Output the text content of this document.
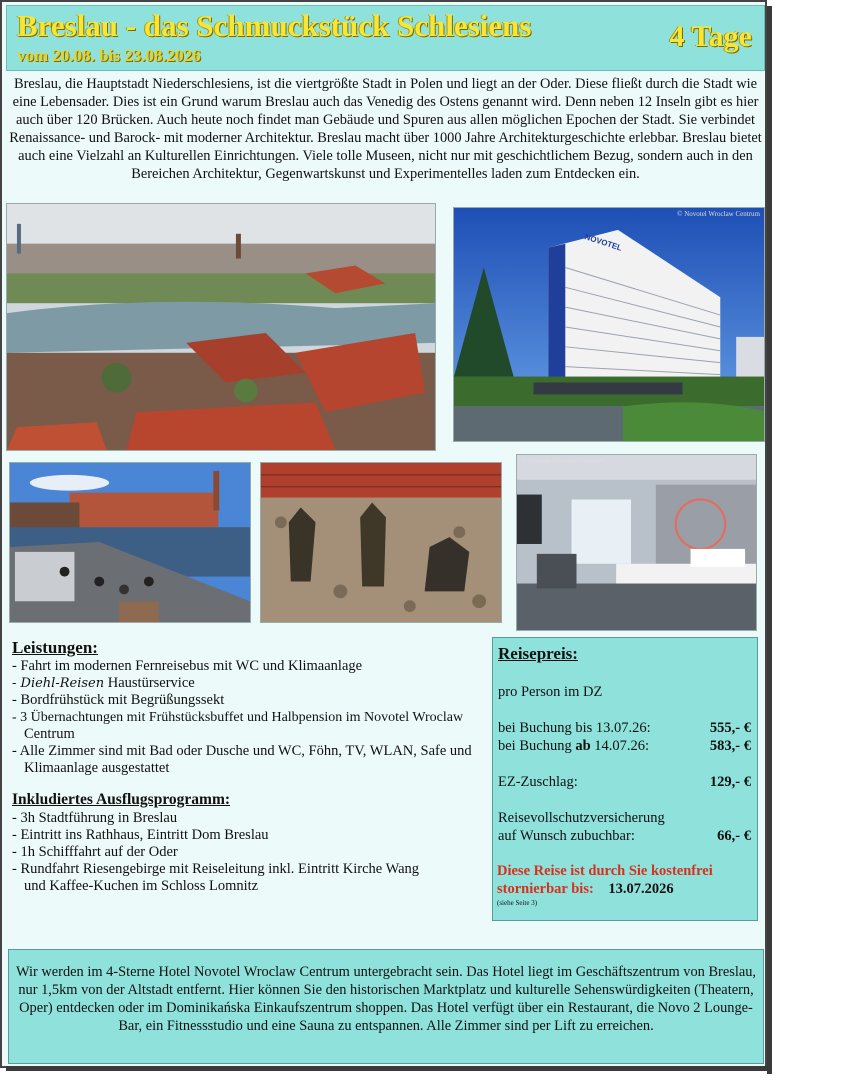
Breslau - das Schmuckstück Schlesiens
vom 20.08. bis 23.08.2026
4 Tage
Breslau, die Hauptstadt Niederschlesiens, ist die viertgrößte Stadt in Polen und liegt an der Oder. Diese fließt durch die Stadt wie eine Lebensader. Dies ist ein Grund warum Breslau auch das Venedig des Ostens genannt wird. Denn neben 12 Inseln gibt es hier auch über 120 Brücken. Auch heute noch findet man Gebäude und Spuren aus allen möglichen Epochen der Stadt. Sie verbindet Renaissance- und Barock- mit moderner Architektur. Breslau macht über 1000 Jahre Architekturgeschichte erlebbar. Breslau bietet auch eine Vielzahl an Kulturellen Einrichtungen. Viele tolle Museen, nicht nur mit geschichtlichem Bezug, sondern auch in den Bereichen Architektur, Gegenwartskunst und Experimentelles laden zum Entdecken ein.
© Novotel Wroclaw Centrum
NOVOTEL
© Novotel Wroclaw Centrum
Leistungen:
- Fahrt im modernen Fernreisebus mit WC und Klimaanlage
- Diehl-Reisen Haustürservice
- Bordfrühstück mit Begrüßungssekt
- 3 Übernachtungen mit Frühstücksbuffet und Halbpension im Novotel Wroclaw
Centrum
- Alle Zimmer sind mit Bad oder Dusche und WC, Föhn, TV, WLAN, Safe und
Klimaanlage ausgestattet
Inkludiertes Ausflugsprogramm:
- 3h Stadtführung in Breslau
- Eintritt ins Rathhaus, Eintritt Dom Breslau
- 1h Schifffahrt auf der Oder
- Rundfahrt Riesengebirge mit Reiseleitung inkl. Eintritt Kirche Wang
und Kaffee-Kuchen im Schloss Lomnitz
Reisepreis:
pro Person im DZ
bei Buchung bis 13.07.26:	555,- €
bei Buchung ab 14.07.26:	583,- €
EZ-Zuschlag:	129,- €
Reisevollschutzversicherung
auf Wunsch zubuchbar:	66,- €
Diese Reise ist durch Sie kostenfrei
stornierbar bis: 13.07.2026
(siehe Seite 3)
Wir werden im 4-Sterne Hotel Novotel Wroclaw Centrum untergebracht sein. Das Hotel liegt im Geschäftszentrum von Breslau, nur 1,5km von der Altstadt entfernt. Hier können Sie den historischen Marktplatz und kulturelle Sehenswürdigkeiten (Theatern, Oper) entdecken oder im Dominikańska Einkaufszentrum shoppen. Das Hotel verfügt über ein Restaurant, die Novo 2 Lounge-Bar, ein Fitnessstudio und eine Sauna zu entspannen. Alle Zimmer sind per Lift zu erreichen.
